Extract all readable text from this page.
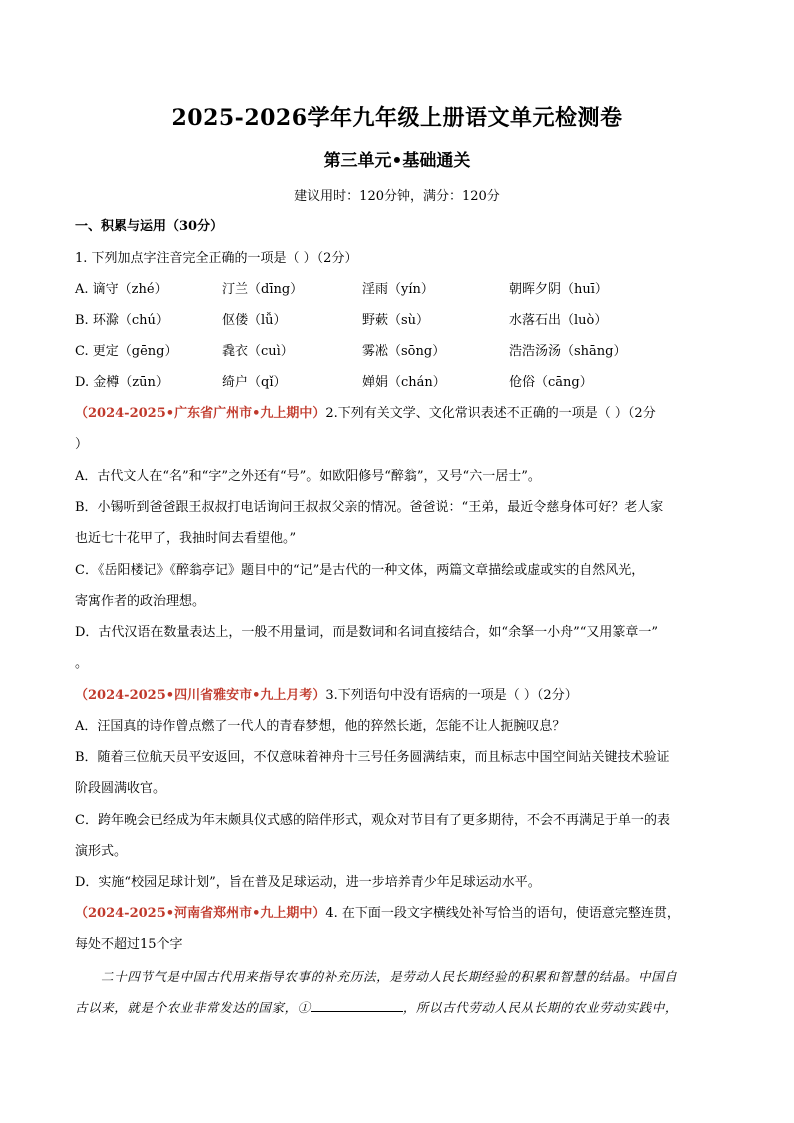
2025-2026学年九年级上册语文单元检测卷
第三单元•基础通关
建议用时：120分钟，满分：120分
一、积累与运用（30分）
1. 下列加点字注音完全正确的一项是（ ）（2分）
A. 谪守（zhé）	汀兰（dīng）	淫雨（yín）	朝晖夕阴（huī）
B. 环滁（chú）	伛偻（lǚ）	野蔌（sù）	水落石出（luò）
C. 更定（gēng）	毳衣（cuì）	雾凇（sōng）	浩浩汤汤（shāng）
D. 金樽（zūn）	绮户（qǐ）	婵娟（chán）	伧俗（cāng）
（2024-2025•广东省广州市•九上期中）2.下列有关文学、文化常识表述不正确的一项是（ ）（2分
）
A．古代文人在“名”和“字”之外还有“号”。如欧阳修号“醉翁”，又号“六一居士”。
B．小锡听到爸爸跟王叔叔打电话询问王叔叔父亲的情况。爸爸说：“王弟，最近令慈身体可好？老人家
也近七十花甲了，我抽时间去看望他。”
C．《岳阳楼记》《醉翁亭记》题目中的“记”是古代的一种文体，两篇文章描绘或虚或实的自然风光，
寄寓作者的政治理想。
D．古代汉语在数量表达上，一般不用量词，而是数词和名词直接结合，如“余拏一小舟”“又用篆章一”
。
（2024-2025•四川省雅安市•九上月考）3.下列语句中没有语病的一项是（ ）（2分）
A．汪国真的诗作曾点燃了一代人的青春梦想，他的猝然长逝，怎能不让人扼腕叹息？
B．随着三位航天员平安返回，不仅意味着神舟十三号任务圆满结束，而且标志中国空间站关键技术验证
阶段圆满收官。
C．跨年晚会已经成为年末颇具仪式感的陪伴形式，观众对节目有了更多期待，不会不再满足于单一的表
演形式。
D．实施“校园足球计划”，旨在普及足球运动，进一步培养青少年足球运动水平。
（2024-2025•河南省郑州市•九上期中）4. 在下面一段文字横线处补写恰当的语句，使语意完整连贯，
每处不超过15个字
二十四节气是中国古代用来指导农事的补充历法，是劳动人民长期经验的积累和智慧的结晶。中国自
古以来，就是个农业非常发达的国家，①	，所以古代劳动人民从长期的农业劳动实践中，
